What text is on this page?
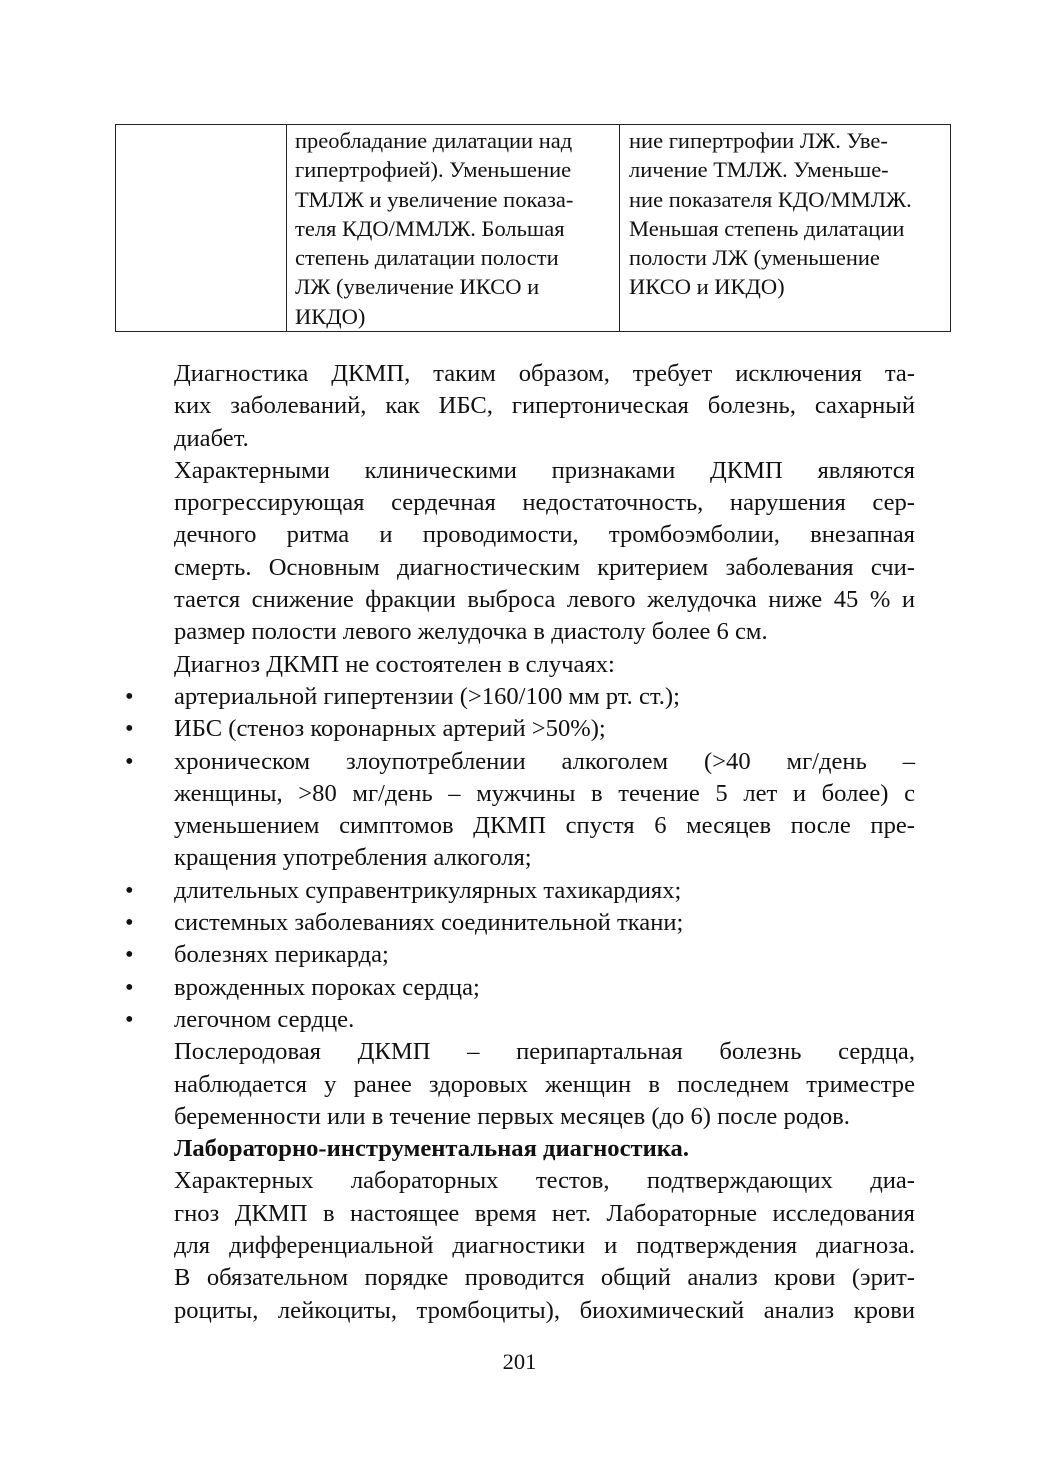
	преобладание дилатации над
гипертрофией). Уменьшение
ТМЛЖ и увеличение показа-
теля КДО/ММЛЖ. Большая
степень дилатации полости
ЛЖ (увеличение ИКСО и
ИКДО)	ние гипертрофии ЛЖ. Уве-
личение ТМЛЖ. Уменьше-
ние показателя КДО/ММЛЖ.
Меньшая степень дилатации
полости ЛЖ (уменьшение
ИКСО и ИКДО)
Диагностика ДКМП, таким образом, требует исключения та-
ких заболеваний, как ИБС, гипертоническая болезнь, сахарный
диабет.
Характерными клиническими признаками ДКМП являются
прогрессирующая сердечная недостаточность, нарушения сер-
дечного ритма и проводимости, тромбоэмболии, внезапная
смерть. Основным диагностическим критерием заболевания счи-
тается снижение фракции выброса левого желудочка ниже 45 % и
размер полости левого желудочка в диастолу более 6 см.
Диагноз ДКМП не состоятелен в случаях:
•	артериальной гипертензии (>160/100 мм рт. ст.);
•	ИБС (стеноз коронарных артерий >50%);
•	хроническом злоупотреблении алкоголем (>40 мг/день –
женщины, >80 мг/день – мужчины в течение 5 лет и более) с
уменьшением симптомов ДКМП спустя 6 месяцев после пре-
кращения употребления алкоголя;
•	длительных суправентрикулярных тахикардиях;
•	системных заболеваниях соединительной ткани;
•	болезнях перикарда;
•	врожденных пороках сердца;
•	легочном сердце.
Послеродовая ДКМП – перипартальная болезнь сердца,
наблюдается у ранее здоровых женщин в последнем триместре
беременности или в течение первых месяцев (до 6) после родов.
Лабораторно-инструментальная диагностика.
Характерных лабораторных тестов, подтверждающих диа-
гноз ДКМП в настоящее время нет. Лабораторные исследования
для дифференциальной диагностики и подтверждения диагноза.
В обязательном порядке проводится общий анализ крови (эрит-
роциты, лейкоциты, тромбоциты), биохимический анализ крови
201
